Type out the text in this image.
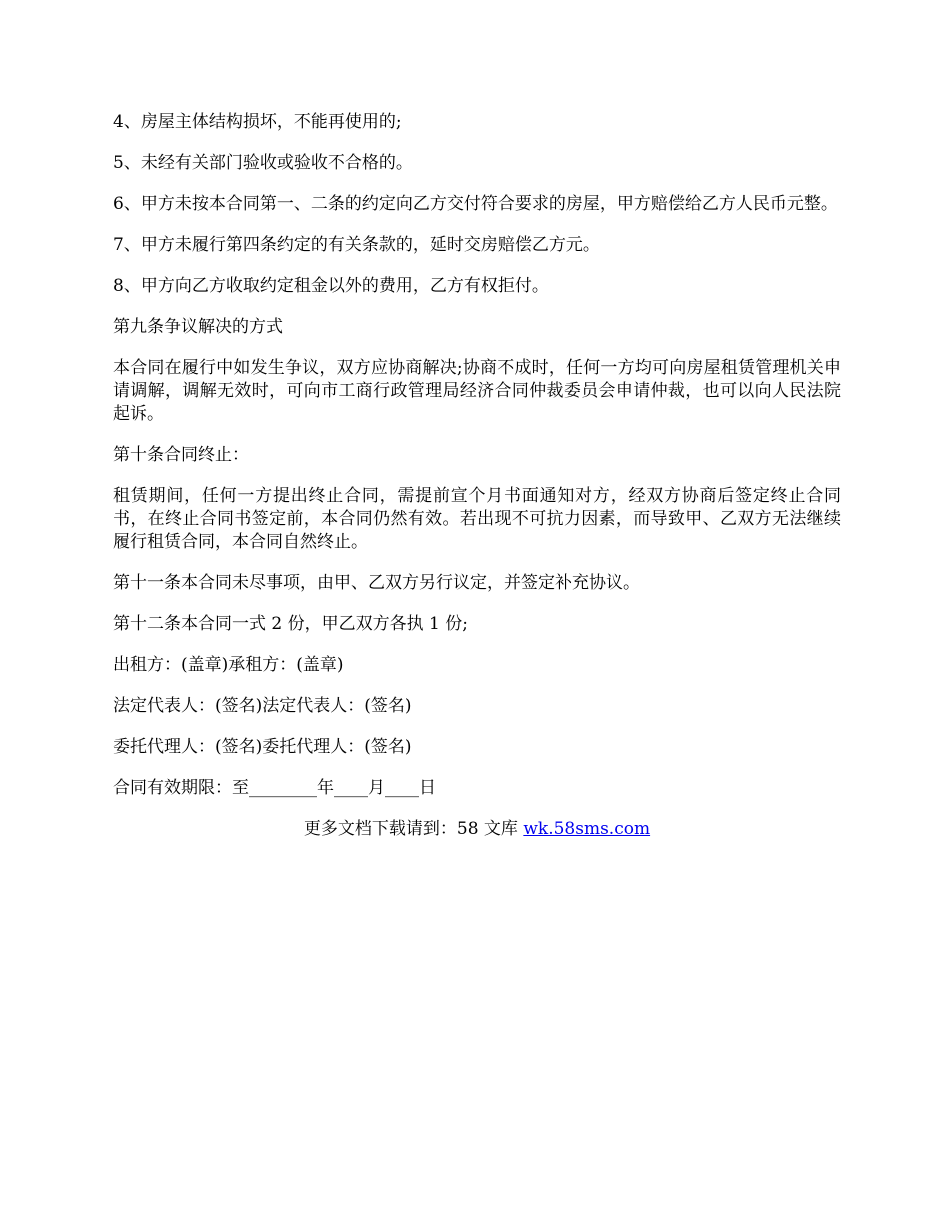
4、房屋主体结构损坏，不能再使用的;

5、未经有关部门验收或验收不合格的。

6、甲方未按本合同第一、二条的约定向乙方交付符合要求的房屋，甲方赔偿给乙方人民币元整。

7、甲方未履行第四条约定的有关条款的，延时交房赔偿乙方元。

8、甲方向乙方收取约定租金以外的费用，乙方有权拒付。

第九条争议解决的方式

本合同在履行中如发生争议，双方应协商解决;协商不成时，任何一方均可向房屋租赁管理机关申请调解，调解无效时，可向市工商行政管理局经济合同仲裁委员会申请仲裁，也可以向人民法院起诉。

第十条合同终止：

租赁期间，任何一方提出终止合同，需提前宣个月书面通知对方，经双方协商后签定终止合同书，在终止合同书签定前，本合同仍然有效。若出现不可抗力因素，而导致甲、乙双方无法继续履行租赁合同，本合同自然终止。

第十一条本合同未尽事项，由甲、乙双方另行议定，并签定补充协议。

第十二条本合同一式 2 份，甲乙双方各执 1 份;

出租方：(盖章)承租方：(盖章)

法定代表人：(签名)法定代表人：(签名)

委托代理人：(签名)委托代理人：(签名)

合同有效期限：至________年____月____日

更多文档下载请到：58 文库 wk.58sms.com
